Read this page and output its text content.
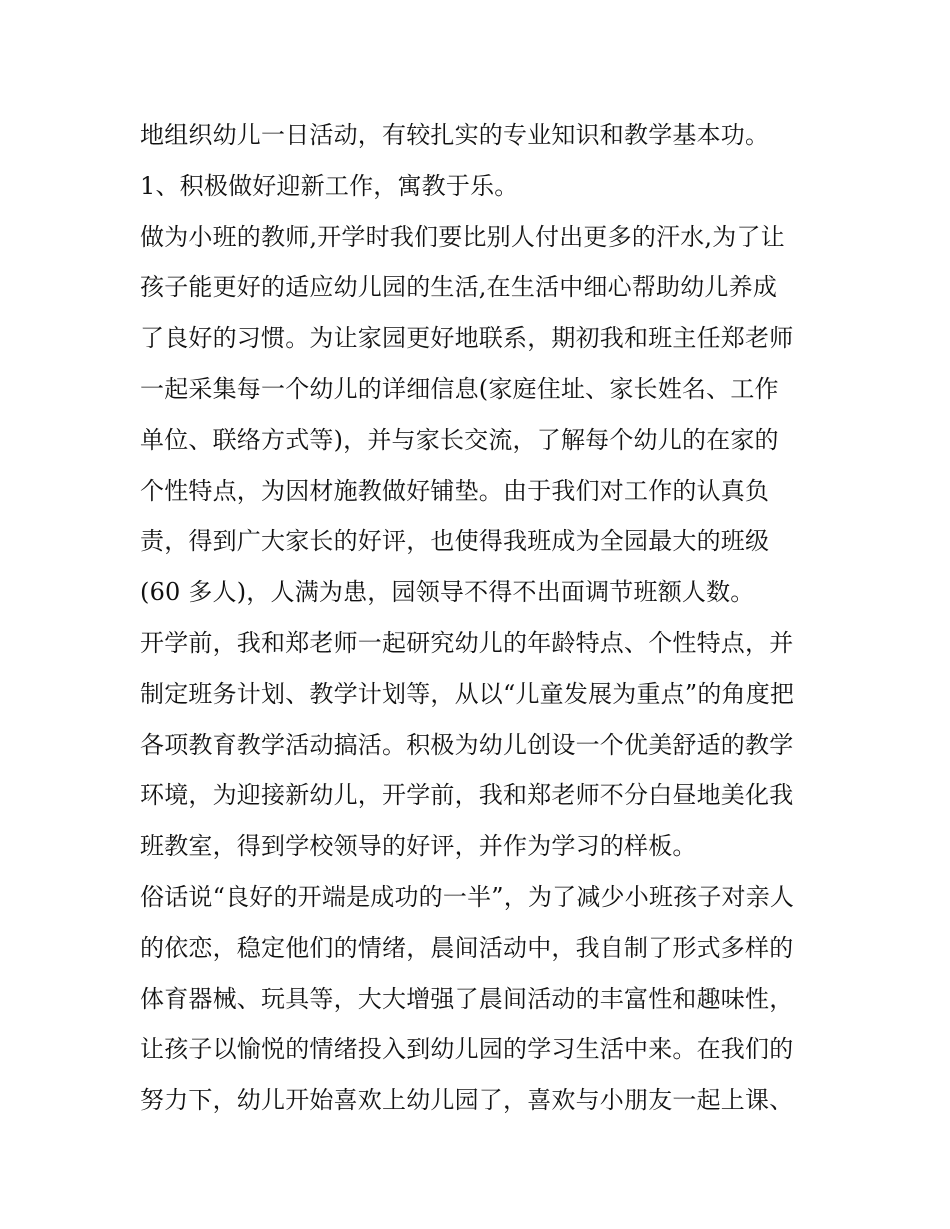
地组织幼儿一日活动，有较扎实的专业知识和教学基本功。
1、积极做好迎新工作，寓教于乐。
做为小班的教师,开学时我们要比别人付出更多的汗水,为了让
孩子能更好的适应幼儿园的生活,在生活中细心帮助幼儿养成
了良好的习惯。为让家园更好地联系，期初我和班主任郑老师
一起采集每一个幼儿的详细信息(家庭住址、家长姓名、工作
单位、联络方式等)，并与家长交流，了解每个幼儿的在家的
个性特点，为因材施教做好铺垫。由于我们对工作的认真负
责，得到广大家长的好评，也使得我班成为全园最大的班级
(60 多人)，人满为患，园领导不得不出面调节班额人数。
开学前，我和郑老师一起研究幼儿的年龄特点、个性特点，并
制定班务计划、教学计划等，从以“儿童发展为重点”的角度把
各项教育教学活动搞活。积极为幼儿创设一个优美舒适的教学
环境，为迎接新幼儿，开学前，我和郑老师不分白昼地美化我
班教室，得到学校领导的好评，并作为学习的样板。
俗话说“良好的开端是成功的一半”，为了减少小班孩子对亲人
的依恋，稳定他们的情绪，晨间活动中，我自制了形式多样的
体育器械、玩具等，大大增强了晨间活动的丰富性和趣味性，
让孩子以愉悦的情绪投入到幼儿园的学习生活中来。在我们的
努力下，幼儿开始喜欢上幼儿园了，喜欢与小朋友一起上课、
